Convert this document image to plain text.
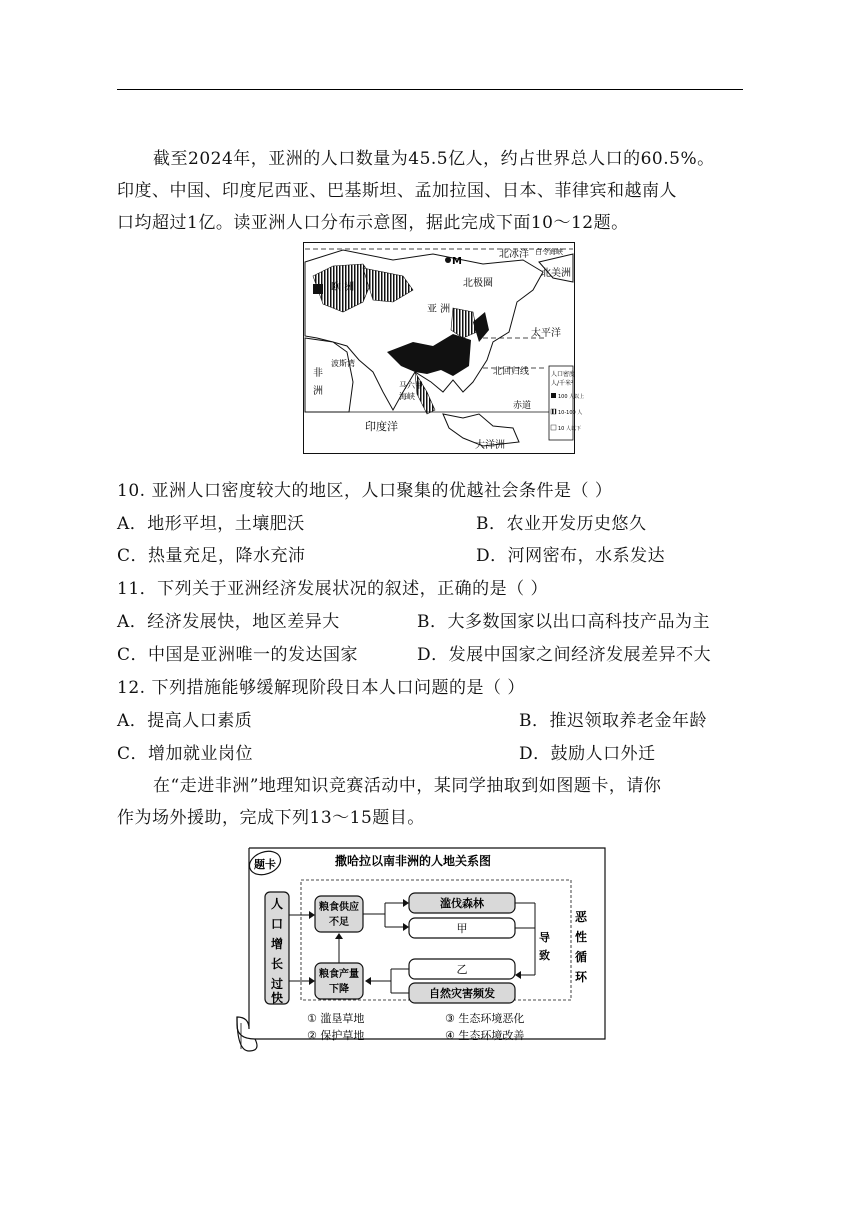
截至2024年，亚洲的人口数量为45.5亿人，约占世界总人口的60.5%。
印度、中国、印度尼西亚、巴基斯坦、孟加拉国、日本、菲律宾和越南人
口均超过1亿。读亚洲人口分布示意图，据此完成下面10～12题。
北冰洋 白令海峡
M
北美洲
欧 洲	北极圈
亚 洲
太平洋
非
洲
波斯湾
马六甲
海峡
北回归线
赤道
印度洋
大洋洲
人口密度
人/千米²
100 人以上
10-100 人
10 人以下
10. 亚洲人口密度较大的地区，人口聚集的优越社会条件是（ ）
A．地形平坦，土壤肥沃	B．农业开发历史悠久
C．热量充足，降水充沛	D．河网密布，水系发达
11．下列关于亚洲经济发展状况的叙述，正确的是（ ）
A．经济发展快，地区差异大	B．大多数国家以出口高科技产品为主
C．中国是亚洲唯一的发达国家	D．发展中国家之间经济发展差异不大
12. 下列措施能够缓解现阶段日本人口问题的是（ ）
A．提高人口素质	B．推迟领取养老金年龄
C．增加就业岗位	D．鼓励人口外迁
在“走进非洲”地理知识竞赛活动中，某同学抽取到如图题卡，请你
作为场外援助，完成下列13～15题目。
题卡	撒哈拉以南非洲的人地关系图
人
口
增
长
过
快
粮食供应
不足
粮食产量
下降
滥伐森林
甲
导
致
乙
自然灾害频发
恶
性
循
环
① 滥垦草地	③ 生态环境恶化
② 保护草地	④ 生态环境改善
